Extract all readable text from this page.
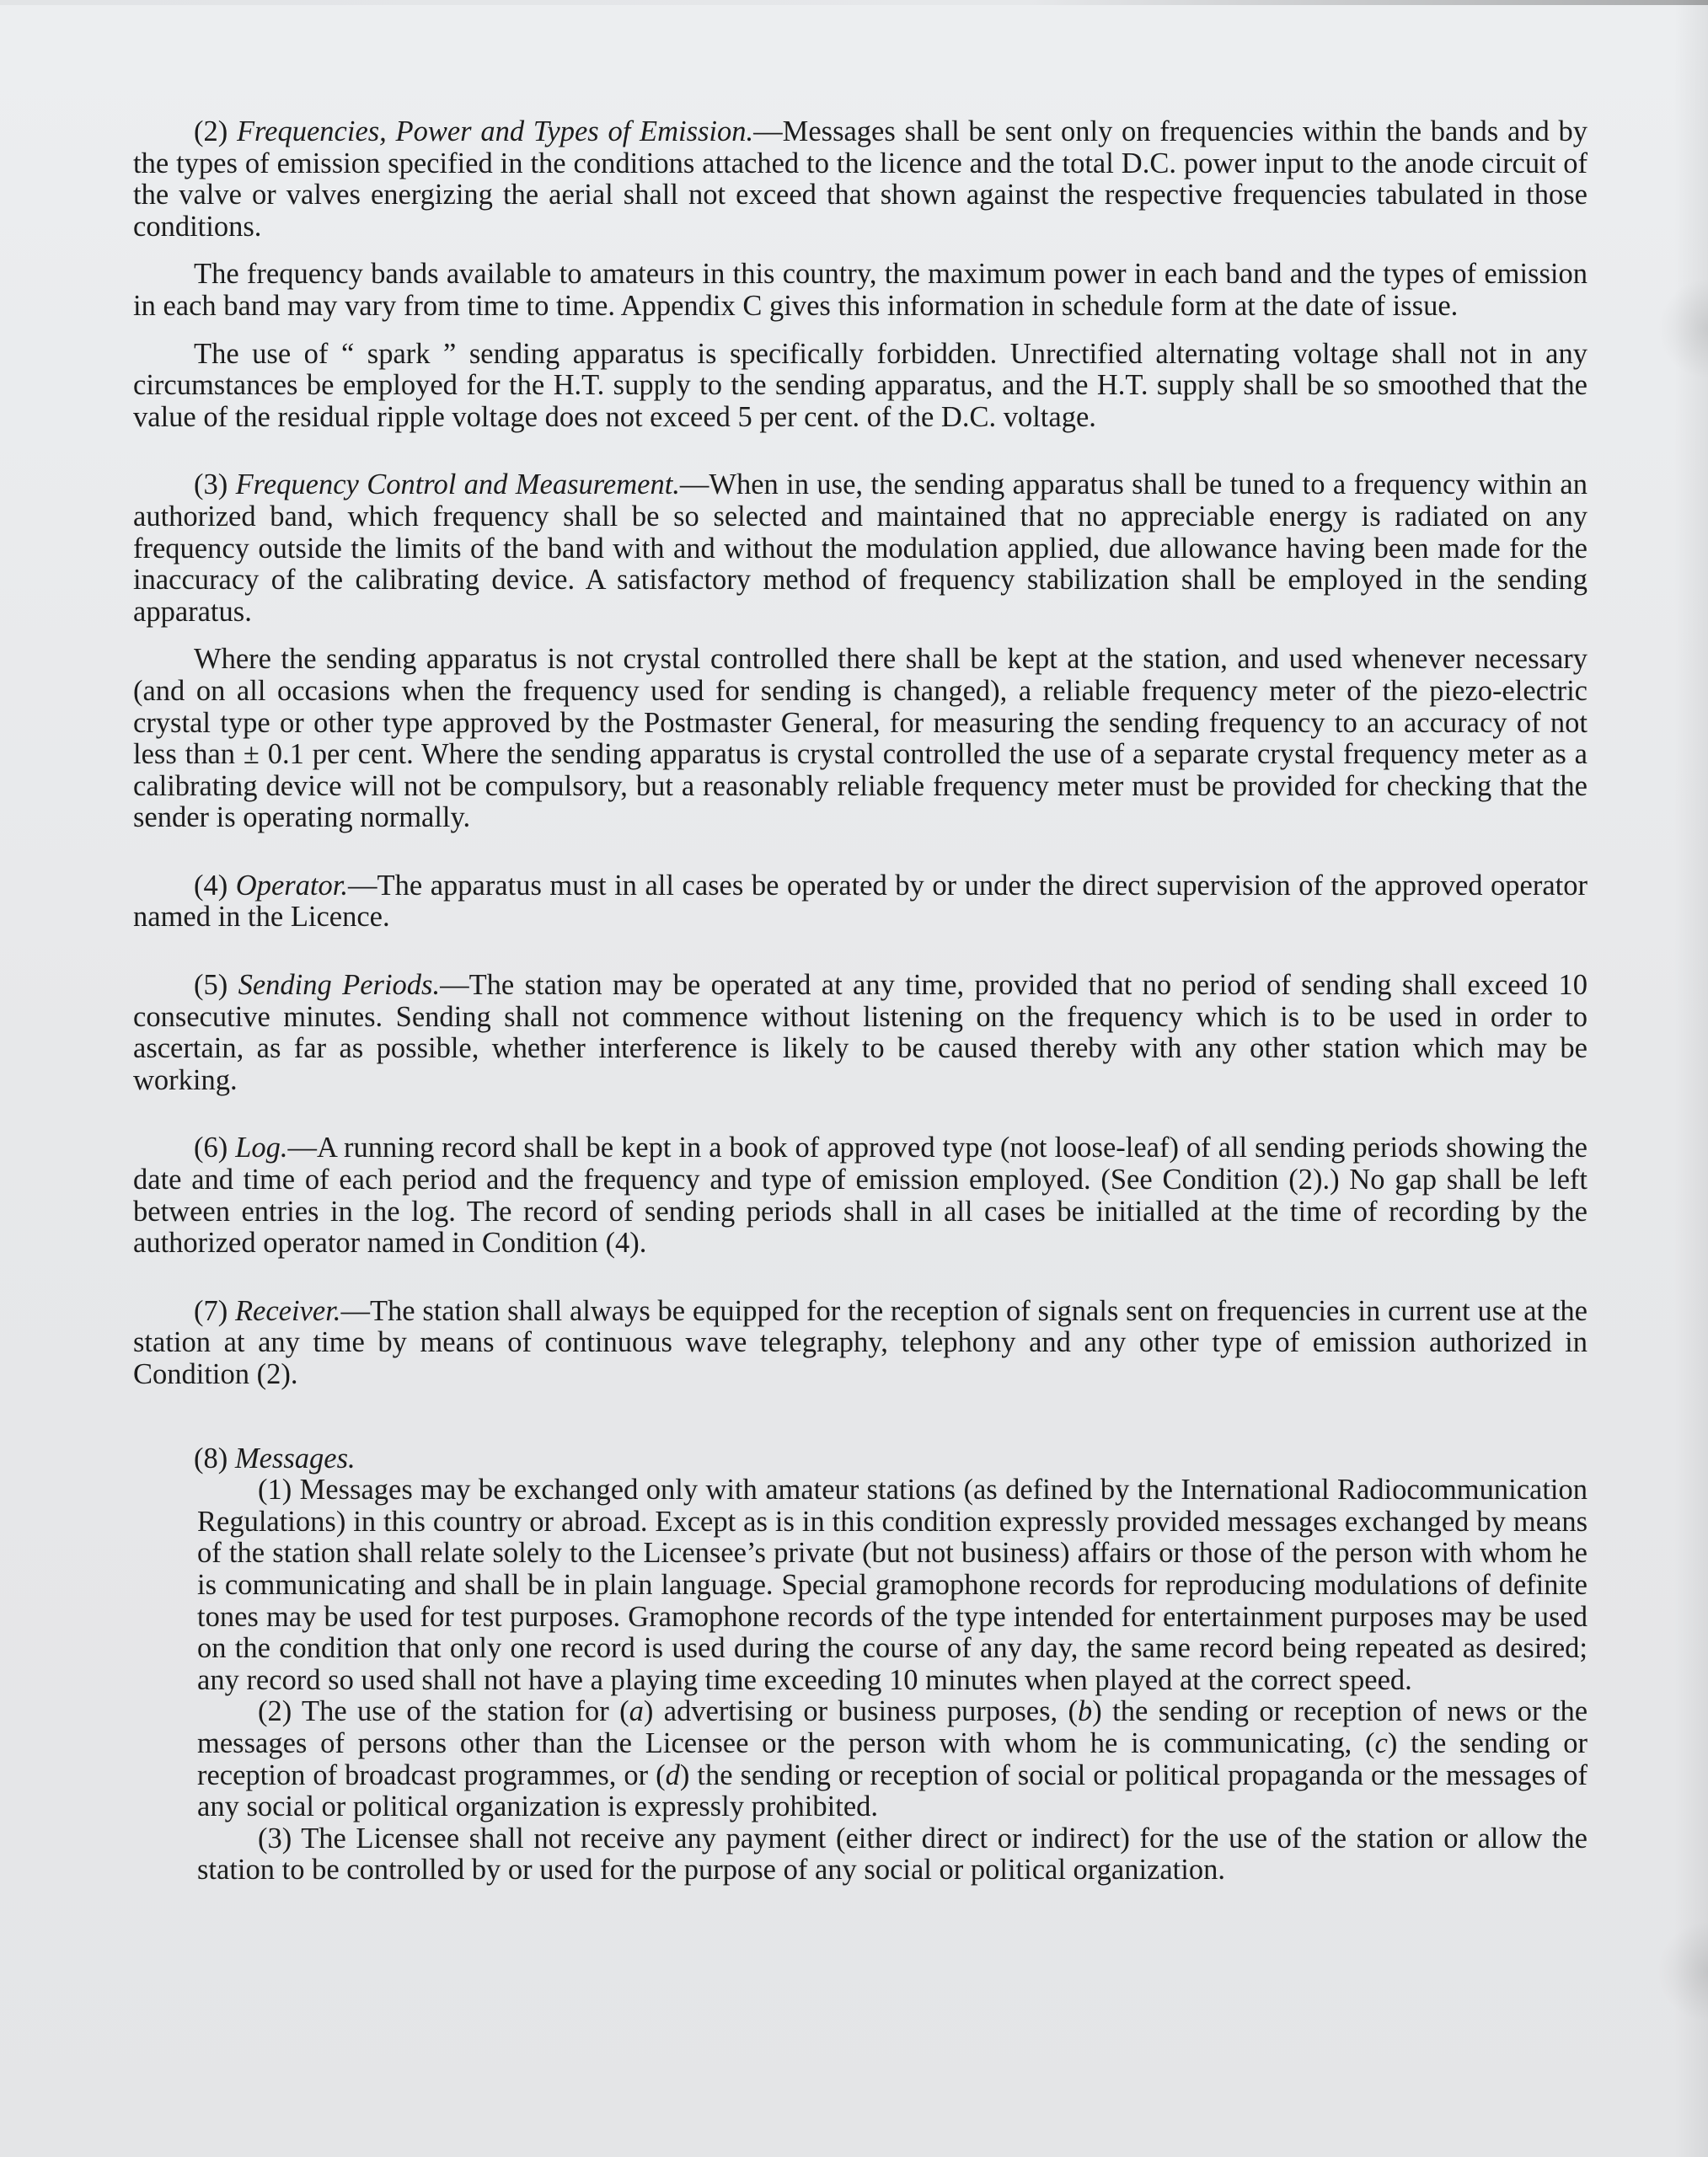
(2) Frequencies, Power and Types of Emission.—Messages shall be sent only on frequencies within the bands and by the types of emission specified in the conditions attached to the licence and the total D.C. power input to the anode circuit of the valve or valves energizing the aerial shall not exceed that shown against the respective frequencies tabulated in those conditions.

The frequency bands available to amateurs in this country, the maximum power in each band and the types of emission in each band may vary from time to time. Appendix C gives this information in schedule form at the date of issue.

The use of “ spark ” sending apparatus is specifically forbidden. Unrectified alternating voltage shall not in any circumstances be employed for the H.T. supply to the sending apparatus, and the H.T. supply shall be so smoothed that the value of the residual ripple voltage does not exceed 5 per cent. of the D.C. voltage.

(3) Frequency Control and Measurement.—When in use, the sending apparatus shall be tuned to a frequency within an authorized band, which frequency shall be so selected and maintained that no appreciable energy is radiated on any frequency outside the limits of the band with and without the modulation applied, due allowance having been made for the inaccuracy of the calibrating device. A satisfactory method of frequency stabilization shall be employed in the sending apparatus.

Where the sending apparatus is not crystal controlled there shall be kept at the station, and used whenever necessary (and on all occasions when the frequency used for sending is changed), a reliable frequency meter of the piezo-electric crystal type or other type approved by the Postmaster General, for measuring the sending frequency to an accuracy of not less than ± 0.1 per cent. Where the sending apparatus is crystal controlled the use of a separate crystal frequency meter as a calibrating device will not be compulsory, but a reasonably reliable frequency meter must be provided for checking that the sender is operating normally.

(4) Operator.—The apparatus must in all cases be operated by or under the direct supervision of the approved operator named in the Licence.

(5) Sending Periods.—The station may be operated at any time, provided that no period of sending shall exceed 10 consecutive minutes. Sending shall not commence without listening on the frequency which is to be used in order to ascertain, as far as possible, whether interference is likely to be caused thereby with any other station which may be working.

(6) Log.—A running record shall be kept in a book of approved type (not loose-leaf) of all sending periods showing the date and time of each period and the frequency and type of emission employed. (See Condition (2).) No gap shall be left between entries in the log. The record of sending periods shall in all cases be initialled at the time of recording by the authorized operator named in Condition (4).

(7) Receiver.—The station shall always be equipped for the reception of signals sent on frequencies in current use at the station at any time by means of continuous wave telegraphy, telephony and any other type of emission authorized in Condition (2).

(8) Messages.

(1) Messages may be exchanged only with amateur stations (as defined by the International Radiocommunication Regulations) in this country or abroad. Except as is in this condition expressly provided messages exchanged by means of the station shall relate solely to the Licensee’s private (but not business) affairs or those of the person with whom he is communicating and shall be in plain language. Special gramophone records for reproducing modulations of definite tones may be used for test purposes. Gramophone records of the type intended for entertainment purposes may be used on the condition that only one record is used during the course of any day, the same record being repeated as desired; any record so used shall not have a playing time exceeding 10 minutes when played at the correct speed.

(2) The use of the station for (a) advertising or business purposes, (b) the sending or reception of news or the messages of persons other than the Licensee or the person with whom he is communicating, (c) the sending or reception of broadcast programmes, or (d) the sending or reception of social or political propaganda or the messages of any social or political organization is expressly prohibited.

(3) The Licensee shall not receive any payment (either direct or indirect) for the use of the station or allow the station to be controlled by or used for the purpose of any social or political organization.
